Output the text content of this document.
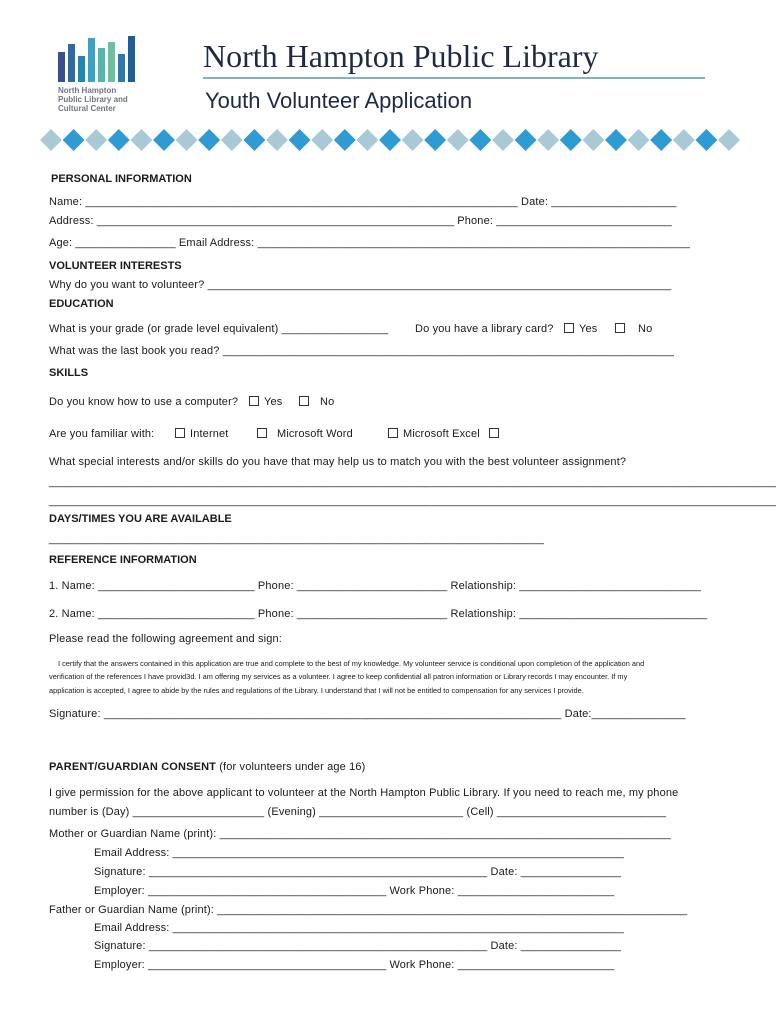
North Hampton
Public Library and
Cultural Center
North Hampton Public Library
Youth Volunteer Application
PERSONAL INFORMATION
Name: _____________________________________________________________________ Date: ____________________
Address: _________________________________________________________ Phone: ____________________________
Age: ________________ Email Address: _____________________________________________________________________
VOLUNTEER INTERESTS
Why do you want to volunteer? __________________________________________________________________________
EDUCATION
What is your grade (or grade level equivalent) _________________ Do you have a library card?	Yes	No
What was the last book you read? ________________________________________________________________________
SKILLS
Do you know how to use a computer?	Yes	No
Are you familiar with:	Internet	Microsoft Word	Microsoft Excel
What special interests and/or skills do you have that may help us to match you with the best volunteer assignment?
____________________________________________________________________________________________________________________
____________________________________________________________________________________________________________________
DAYS/TIMES YOU ARE AVAILABLE
_______________________________________________________________________________
REFERENCE INFORMATION
1. Name: _________________________ Phone: ________________________ Relationship: _____________________________
2. Name: _________________________ Phone: ________________________ Relationship: ______________________________
Please read the following agreement and sign:
I certify that the answers contained in this application are true and complete to the best of my knowledge. My volunteer service is conditional upon completion of the application and
verification of the references I have provid3d. I am offering my services as a volunteer. I agree to keep confidential all patron information or Library records I may encounter. If my
application is accepted, I agree to abide by the rules and regulations of the Library. I understand that I will not be entitled to compensation for any services I provide.
Signature: _________________________________________________________________________ Date:_______________
PARENT/GUARDIAN CONSENT (for volunteers under age 16)
I give permission for the above applicant to volunteer at the North Hampton Public Library. If you need to reach me, my phone
number is (Day) _____________________ (Evening) _______________________ (Cell) ___________________________
Mother or Guardian Name (print): ________________________________________________________________________
Email Address: ________________________________________________________________________
Signature: ______________________________________________________ Date: ________________
Employer: ______________________________________ Work Phone: _________________________
Father or Guardian Name (print): ___________________________________________________________________________
Email Address: ________________________________________________________________________
Signature: ______________________________________________________ Date: ________________
Employer: ______________________________________ Work Phone: _________________________
